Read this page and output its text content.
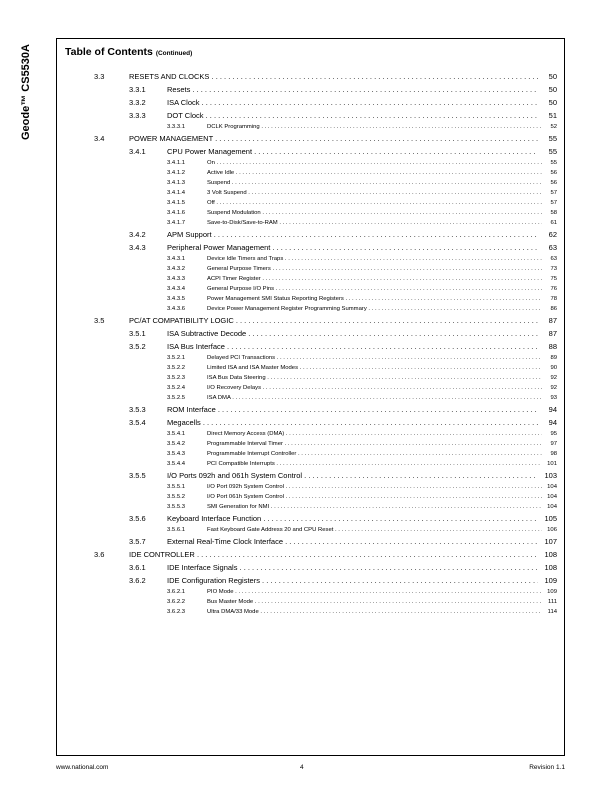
Geode™ CS5530A	Table of Contents (Continued)
3.3	RESETS AND CLOCKS . . .	50
3.3.1	Resets . . .	50
3.3.2	ISA Clock . . .	50
3.3.3	DOT Clock . . .	51
3.3.3.1	DCLK Programming . . .	52
3.4	POWER MANAGEMENT . . .	55
3.4.1	CPU Power Management . . .	55
3.4.1.1	On . . .	55
3.4.1.2	Active Idle . . .	56
3.4.1.3	Suspend . . .	56
3.4.1.4	3 Volt Suspend . . .	57
3.4.1.5	Off . . .	57
3.4.1.6	Suspend Modulation . . .	58
3.4.1.7	Save-to-Disk/Save-to-RAM . . .	61
3.4.2	APM Support . . .	62
3.4.3	Peripheral Power Management . . .	63
3.4.3.1	Device Idle Timers and Traps . . .	63
3.4.3.2	General Purpose Timers . . .	73
3.4.3.3	ACPI Timer Register . . .	75
3.4.3.4	General Purpose I/O Pins . . .	76
3.4.3.5	Power Management SMI Status Reporting Registers . . .	78
3.4.3.6	Device Power Management Register Programming Summary . . .	86
3.5	PC/AT COMPATIBILITY LOGIC . . .	87
3.5.1	ISA Subtractive Decode . . .	87
3.5.2	ISA Bus Interface . . .	88
3.5.2.1	Delayed PCI Transactions . . .	89
3.5.2.2	Limited ISA and ISA Master Modes . . .	90
3.5.2.3	ISA Bus Data Steering . . .	92
3.5.2.4	I/O Recovery Delays . . .	92
3.5.2.5	ISA DMA . . .	93
3.5.3	ROM Interface . . .	94
3.5.4	Megacells . . .	94
3.5.4.1	Direct Memory Access (DMA) . . .	95
3.5.4.2	Programmable Interval Timer . . .	97
3.5.4.3	Programmable Interrupt Controller . . .	98
3.5.4.4	PCI Compatible Interrupts . . .	101
3.5.5	I/O Ports 092h and 061h System Control . . .	103
3.5.5.1	I/O Port 092h System Control . . .	104
3.5.5.2	I/O Port 061h System Control . . .	104
3.5.5.3	SMI Generation for NMI . . .	104
3.5.6	Keyboard Interface Function . . .	105
3.5.6.1	Fast Keyboard Gate Address 20 and CPU Reset . . .	106
3.5.7	External Real-Time Clock Interface . . .	107
3.6	IDE CONTROLLER . . .	108
3.6.1	IDE Interface Signals . . .	108
3.6.2	IDE Configuration Registers . . .	109
3.6.2.1	PIO Mode . . .	109
3.6.2.2	Bus Master Mode . . .	111
3.6.2.3	Ultra DMA/33 Mode . . .	114
www.national.com	4	Revision 1.1
